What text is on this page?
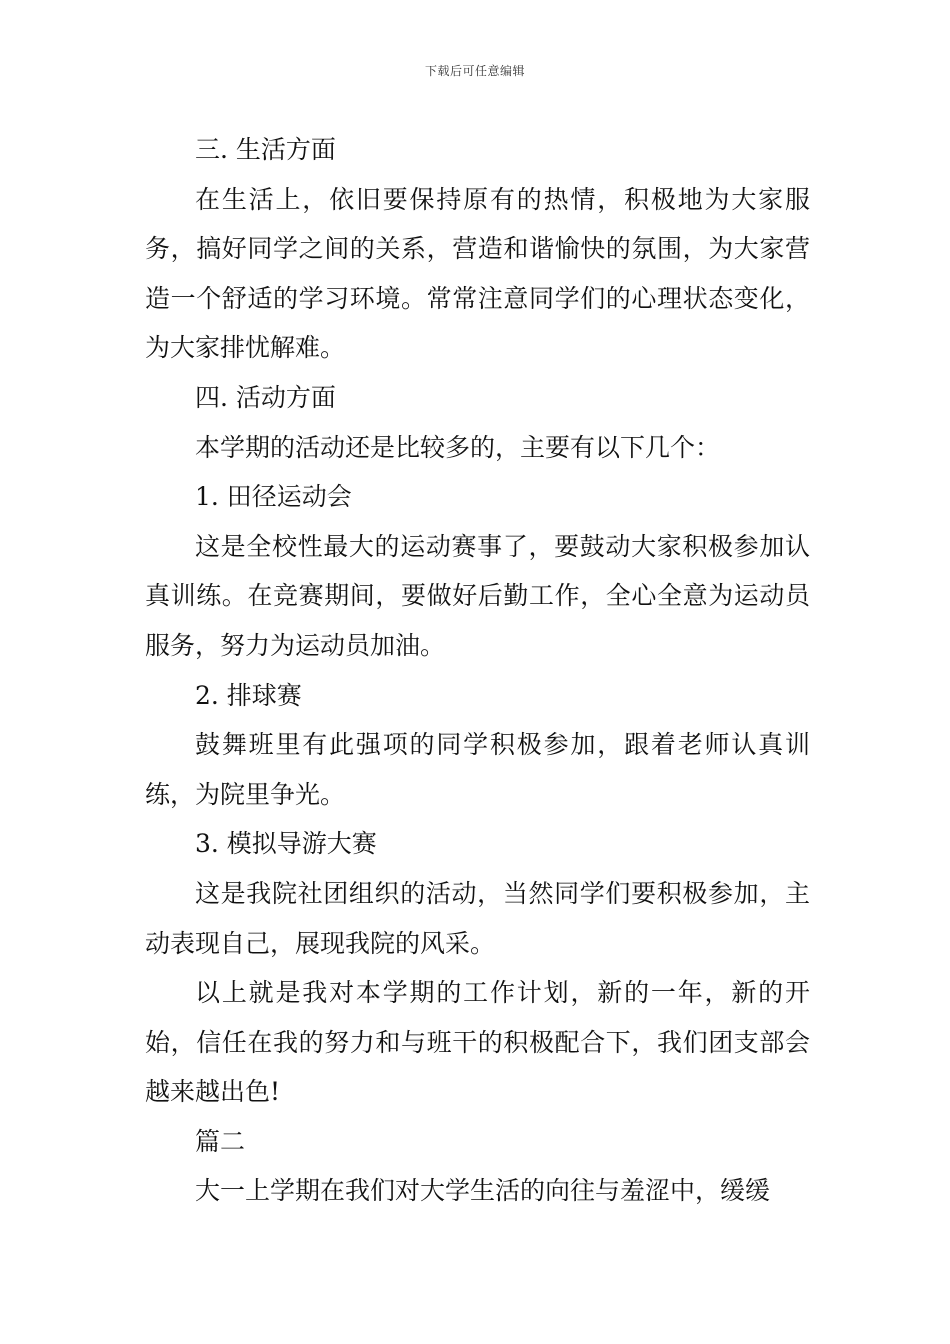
下载后可任意编辑

三. 生活方面

在生活上，依旧要保持原有的热情，积极地为大家服务，搞好同学之间的关系，营造和谐愉快的氛围，为大家营造一个舒适的学习环境。常常注意同学们的心理状态变化，为大家排忧解难。

四. 活动方面

本学期的活动还是比较多的，主要有以下几个：

1. 田径运动会

这是全校性最大的运动赛事了，要鼓动大家积极参加认真训练。在竞赛期间，要做好后勤工作，全心全意为运动员服务，努力为运动员加油。

2. 排球赛

鼓舞班里有此强项的同学积极参加，跟着老师认真训练，为院里争光。

3. 模拟导游大赛

这是我院社团组织的活动，当然同学们要积极参加，主动表现自己，展现我院的风采。

以上就是我对本学期的工作计划，新的一年，新的开始，信任在我的努力和与班干的积极配合下，我们团支部会越来越出色!

篇二

大一上学期在我们对大学生活的向往与羞涩中，缓缓
